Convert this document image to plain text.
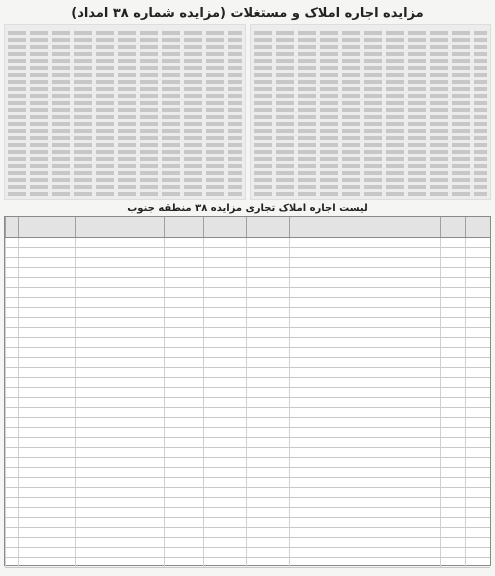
مزایده اجاره املاک و مستغلات (مزایده شماره ۳۸ امداد)
لیست اجاره املاک تجاری مزایده ۳۸ منطقه جنوب
